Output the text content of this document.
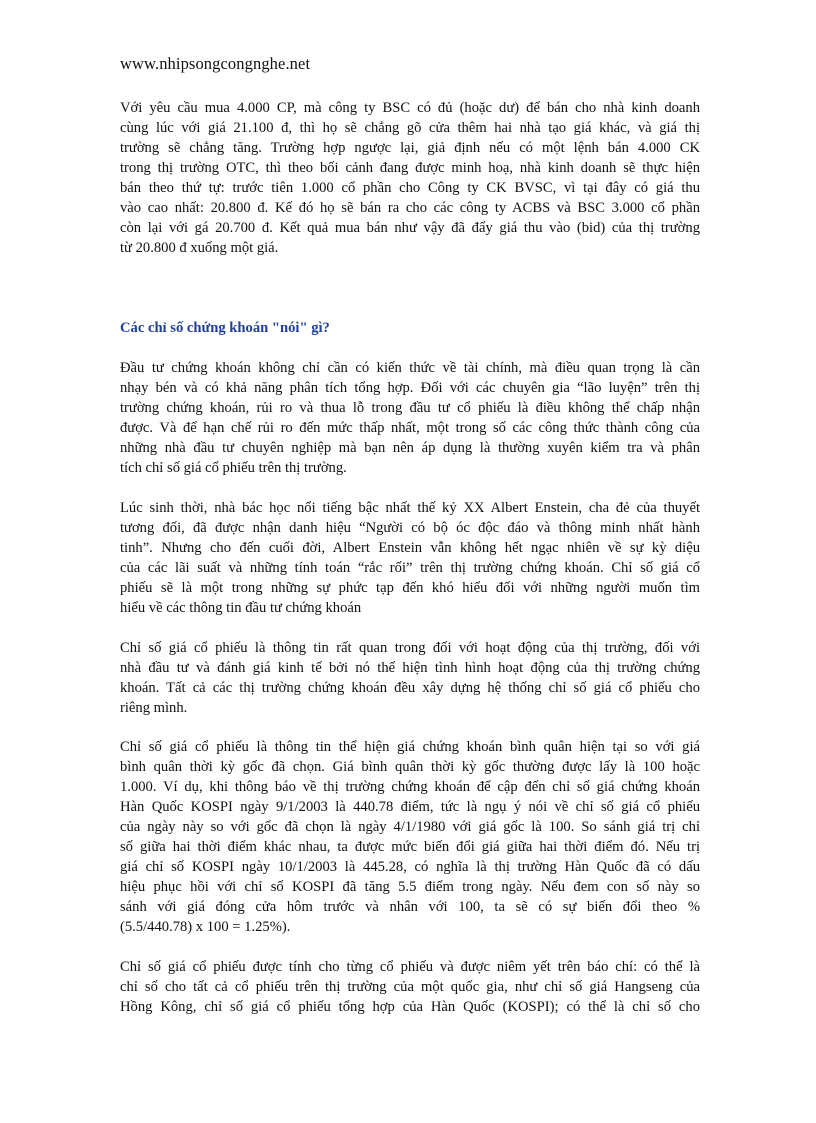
www.nhipsongcongnghe.net

Với yêu cầu mua 4.000 CP, mà công ty BSC có đủ (hoặc dư) để bán cho nhà kinh doanh
cùng lúc với giá 21.100 đ, thì họ sẽ chẳng gõ cửa thêm hai nhà tạo giá khác, và giá thị
trường sẽ chẳng tăng. Trường hợp ngược lại, giả định nếu có một lệnh bán 4.000 CK
trong thị trường OTC, thì theo bối cảnh đang được minh hoạ, nhà kinh doanh sẽ thực hiện
bán theo thứ tự: trước tiên 1.000 cổ phần cho Công ty CK BVSC, vì tại đây có giá thu
vào cao nhất: 20.800 đ. Kế đó họ sẽ bán ra cho các công ty ACBS và BSC 3.000 cổ phần
còn lại với gá 20.700 đ. Kết quả mua bán như vậy đã đẩy giá thu vào (bid) của thị trường
từ 20.800 đ xuống một giá.
Các chỉ số chứng khoán "nói" gì?
Đầu tư chứng khoán không chỉ cần có kiến thức về tài chính, mà điều quan trọng là cần
nhạy bén và có khả năng phân tích tổng hợp. Đối với các chuyên gia “lão luyện” trên thị
trường chứng khoán, rủi ro và thua lỗ trong đầu tư cổ phiếu là điều không thể chấp nhận
được. Và để hạn chế rủi ro đến mức thấp nhất, một trong số các công thức thành công của
những nhà đầu tư chuyên nghiệp mà bạn nên áp dụng là thường xuyên kiểm tra và phân
tích chỉ số giá cổ phiếu trên thị trường.
Lúc sinh thời, nhà bác học nổi tiếng bậc nhất thế kỷ XX Albert Enstein, cha đẻ của thuyết
tương đối, đã được nhận danh hiệu “Người có bộ óc độc đáo và thông minh nhất hành
tinh”. Nhưng cho đến cuối đời, Albert Enstein vẫn không hết ngạc nhiên về sự kỳ diệu
của các lãi suất và những tính toán “rắc rối” trên thị trường chứng khoán. Chỉ số giá cổ
phiếu sẽ là một trong những sự phức tạp đến khó hiểu đối với những người muốn tìm
hiểu về các thông tin đầu tư chứng khoán
Chỉ số giá cổ phiếu là thông tin rất quan trong đối với hoạt động của thị trường, đối với
nhà đầu tư và đánh giá kinh tế bởi nó thể hiện tình hình hoạt động của thị trường chứng
khoán. Tất cả các thị trường chứng khoán đều xây dựng hệ thống chỉ số giá cổ phiếu cho
riêng mình.
Chỉ số giá cổ phiếu là thông tin thể hiện giá chứng khoán bình quân hiện tại so với giá
bình quân thời kỳ gốc đã chọn. Giá bình quân thời kỳ gốc thường được lấy là 100 hoặc
1.000. Ví dụ, khi thông báo về thị trường chứng khoán để cập đến chỉ số giá chứng khoán
Hàn Quốc KOSPI ngày 9/1/2003 là 440.78 điểm, tức là ngụ ý nói về chỉ số giá cổ phiếu
của ngày này so với gốc đã chọn là ngày 4/1/1980 với giá gốc là 100. So sánh giá trị chỉ
số giữa hai thời điểm khác nhau, ta được mức biến đổi giá giữa hai thời điểm đó. Nếu trị
giá chỉ số KOSPI ngày 10/1/2003 là 445.28, có nghĩa là thị trường Hàn Quốc đã có dấu
hiệu phục hồi với chỉ số KOSPI đã tăng 5.5 điểm trong ngày. Nếu đem con số này so
sánh với giá đóng cửa hôm trước và nhân với 100, ta sẽ có sự biến đổi theo %
(5.5/440.78) x 100 = 1.25%).
Chỉ số giá cổ phiếu được tính cho từng cổ phiếu và được niêm yết trên báo chí: có thể là
chỉ số cho tất cả cổ phiếu trên thị trường của một quốc gia, như chỉ số giá Hangseng của
Hồng Kông, chỉ số giá cổ phiếu tổng hợp của Hàn Quốc (KOSPI); có thể là chỉ số cho
